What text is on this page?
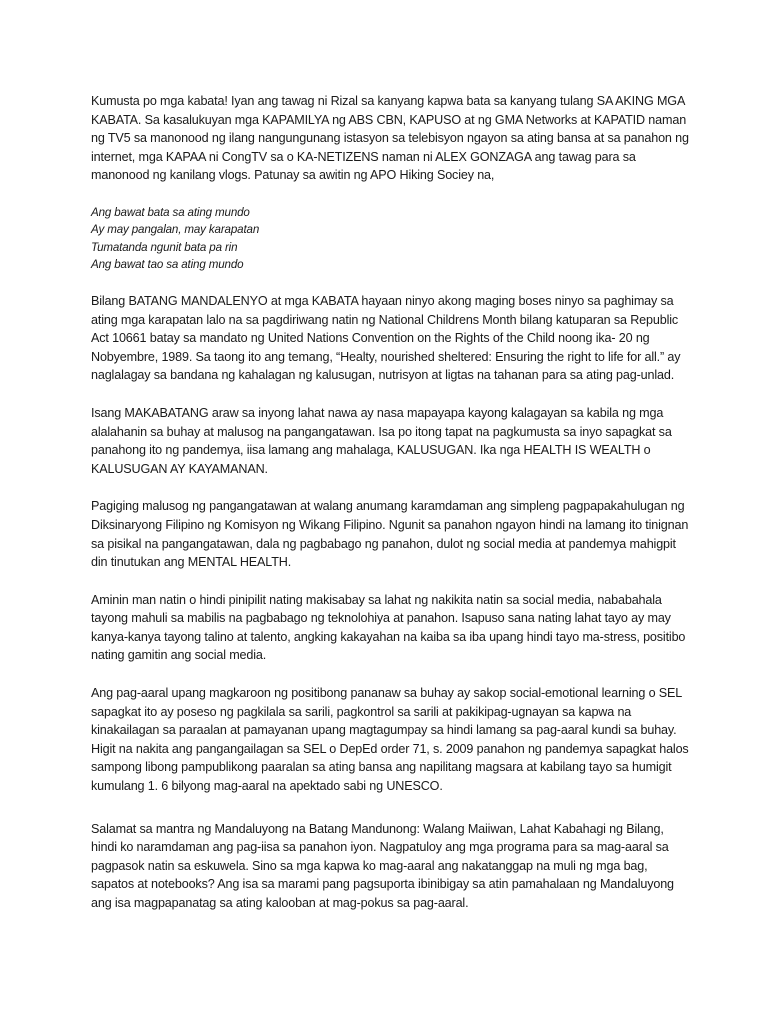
Kumusta po mga kabata! Iyan ang tawag ni Rizal sa kanyang kapwa bata sa kanyang tulang SA AKING MGA KABATA. Sa kasalukuyan mga KAPAMILYA ng ABS CBN, KAPUSO at ng GMA Networks at KAPATID naman ng TV5 sa manonood ng ilang nangungunang istasyon sa telebisyon ngayon sa ating bansa at sa panahon ng internet, mga KAPAA ni CongTV sa o KA-NETIZENS naman ni ALEX GONZAGA ang tawag para sa manonood ng kanilang vlogs. Patunay sa awitin ng APO Hiking Sociey na,

Ang bawat bata sa ating mundo
Ay may pangalan, may karapatan
Tumatanda ngunit bata pa rin
Ang bawat tao sa ating mundo

Bilang BATANG MANDALENYO at mga KABATA hayaan ninyo akong maging boses ninyo sa paghimay sa ating mga karapatan lalo na sa pagdiriwang natin ng National Childrens Month bilang katuparan sa Republic Act 10661 batay sa mandato ng United Nations Convention on the Rights of the Child noong ika- 20 ng Nobyembre, 1989. Sa taong ito ang temang, “Healty, nourished sheltered: Ensuring the right to life for all.” ay naglalagay sa bandana ng kahalagan ng kalusugan, nutrisyon at ligtas na tahanan para sa ating pag-unlad.

Isang MAKABATANG araw sa inyong lahat nawa ay nasa mapayapa kayong kalagayan sa kabila ng mga alalahanin sa buhay at malusog na pangangatawan. Isa po itong tapat na pagkumusta sa inyo sapagkat sa panahong ito ng pandemya, iisa lamang ang mahalaga, KALUSUGAN. Ika nga HEALTH IS WEALTH o KALUSUGAN AY KAYAMANAN.

Pagiging malusog ng pangangatawan at walang anumang karamdaman ang simpleng pagpapakahulugan ng Diksinaryong Filipino ng Komisyon ng Wikang Filipino. Ngunit sa panahon ngayon hindi na lamang ito tinignan sa pisikal na pangangatawan, dala ng pagbabago ng panahon, dulot ng social media at pandemya mahigpit din tinutukan ang MENTAL HEALTH.

Aminin man natin o hindi pinipilit nating makisabay sa lahat ng nakikita natin sa social media, nababahala tayong mahuli sa mabilis na pagbabago ng teknolohiya at panahon. Isapuso sana nating lahat tayo ay may kanya-kanya tayong talino at talento, angking kakayahan na kaiba sa iba upang hindi tayo ma-stress, positibo nating gamitin ang social media.

Ang pag-aaral upang magkaroon ng positibong pananaw sa buhay ay sakop social-emotional learning o SEL sapagkat ito ay poseso ng pagkilala sa sarili, pagkontrol sa sarili at pakikipag-ugnayan sa kapwa na kinakailagan sa paraalan at pamayanan upang magtagumpay sa hindi lamang sa pag-aaral kundi sa buhay. Higit na nakita ang pangangailagan sa SEL o DepEd order 71, s. 2009 panahon ng pandemya sapagkat halos sampong libong pampublikong paaralan sa ating bansa ang napilitang magsara at kabilang tayo sa humigit kumulang 1. 6 bilyong mag-aaral na apektado sabi ng UNESCO.

Salamat sa mantra ng Mandaluyong na Batang Mandunong: Walang Maiiwan, Lahat Kabahagi ng Bilang, hindi ko naramdaman ang pag-iisa sa panahon iyon. Nagpatuloy ang mga programa para sa mag-aaral sa pagpasok natin sa eskuwela. Sino sa mga kapwa ko mag-aaral ang nakatanggap na muli ng mga bag, sapatos at notebooks? Ang isa sa marami pang pagsuporta ibinibigay sa atin pamahalaan ng Mandaluyong ang isa magpapanatag sa ating kalooban at mag-pokus sa pag-aaral.
